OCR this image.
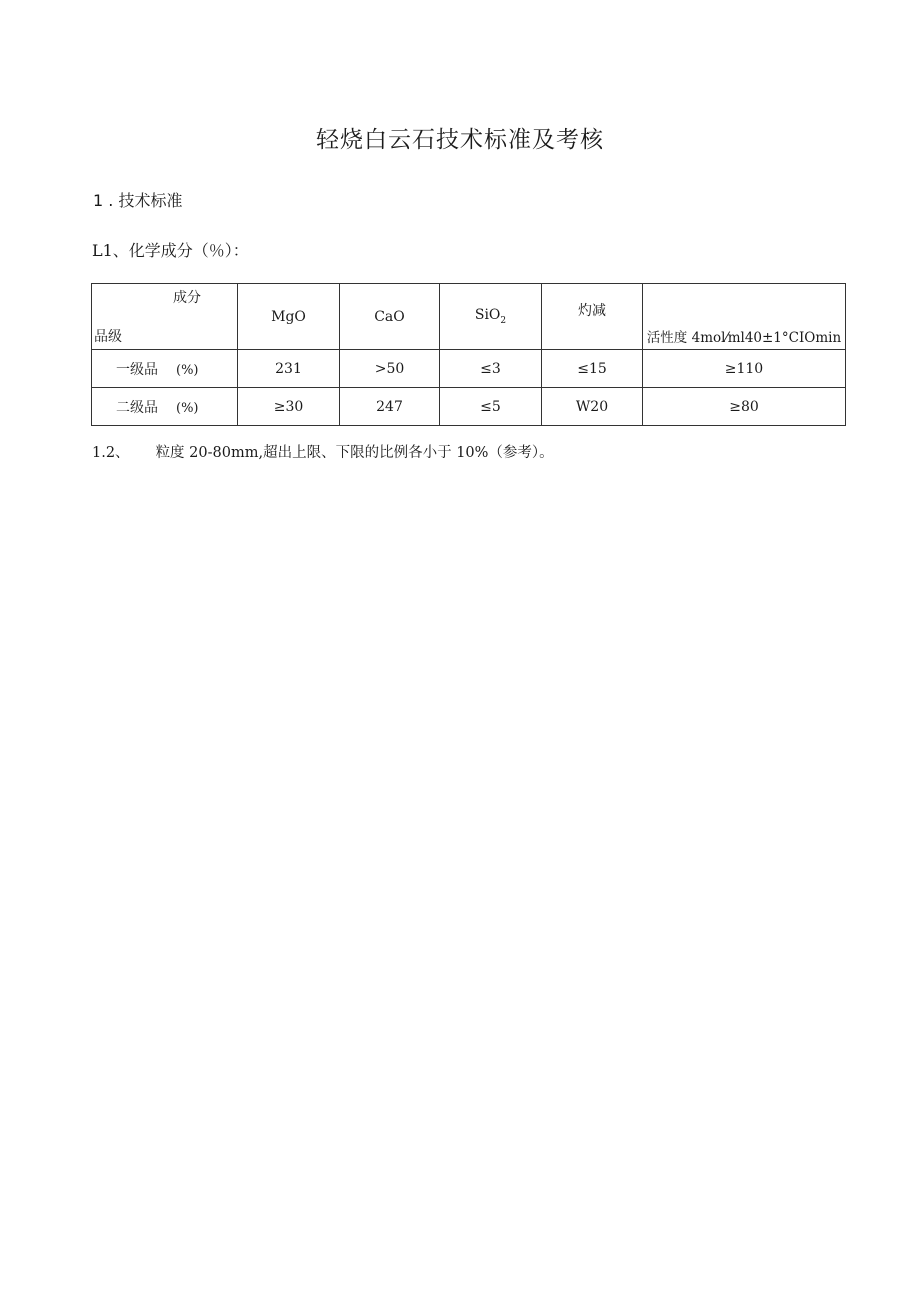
轻烧白云石技术标准及考核
1 . 技术标准
L1、化学成分（％）：
成分
品级	MgO	CaO	SiO$_2$	灼减	活性度 4mol⁄ml40±1°CIOmin
一级品 (%)	231	>50	≤3	≤15	≥110
二级品 (%)	≥30	247	≤5	W20	≥80
1.2、 粒度 20-80mm,超出上限、下限的比例各小于 10%（参考）。
